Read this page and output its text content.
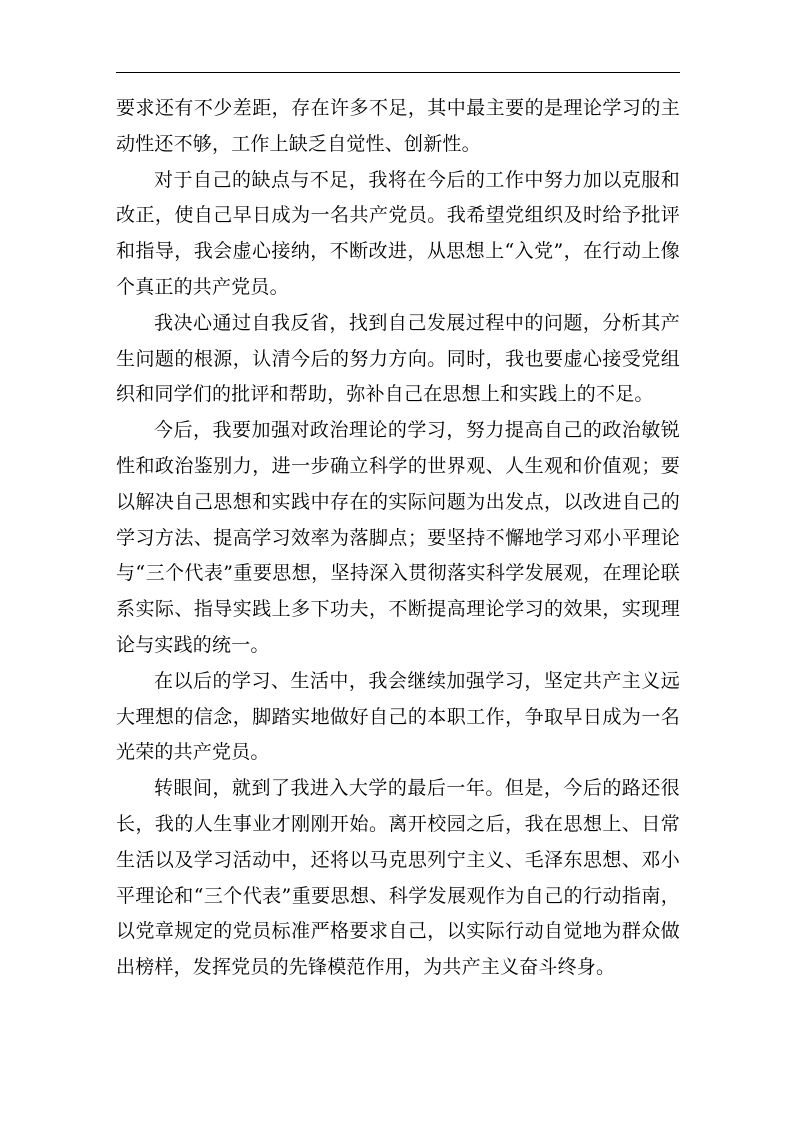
要求还有不少差距，存在许多不足，其中最主要的是理论学习的主动性还不够，工作上缺乏自觉性、创新性。

对于自己的缺点与不足，我将在今后的工作中努力加以克服和改正，使自己早日成为一名共产党员。我希望党组织及时给予批评和指导，我会虚心接纳，不断改进，从思想上“入党”，在行动上像个真正的共产党员。

我决心通过自我反省，找到自己发展过程中的问题，分析其产生问题的根源，认清今后的努力方向。同时，我也要虚心接受党组织和同学们的批评和帮助，弥补自己在思想上和实践上的不足。

今后，我要加强对政治理论的学习，努力提高自己的政治敏锐性和政治鉴别力，进一步确立科学的世界观、人生观和价值观；要以解决自己思想和实践中存在的实际问题为出发点，以改进自己的学习方法、提高学习效率为落脚点；要坚持不懈地学习邓小平理论与“三个代表”重要思想，坚持深入贯彻落实科学发展观，在理论联系实际、指导实践上多下功夫，不断提高理论学习的效果，实现理论与实践的统一。

在以后的学习、生活中，我会继续加强学习，坚定共产主义远大理想的信念，脚踏实地做好自己的本职工作，争取早日成为一名光荣的共产党员。

转眼间，就到了我进入大学的最后一年。但是，今后的路还很长，我的人生事业才刚刚开始。离开校园之后，我在思想上、日常生活以及学习活动中，还将以马克思列宁主义、毛泽东思想、邓小平理论和“三个代表”重要思想、科学发展观作为自己的行动指南，以党章规定的党员标准严格要求自己，以实际行动自觉地为群众做出榜样，发挥党员的先锋模范作用，为共产主义奋斗终身。
